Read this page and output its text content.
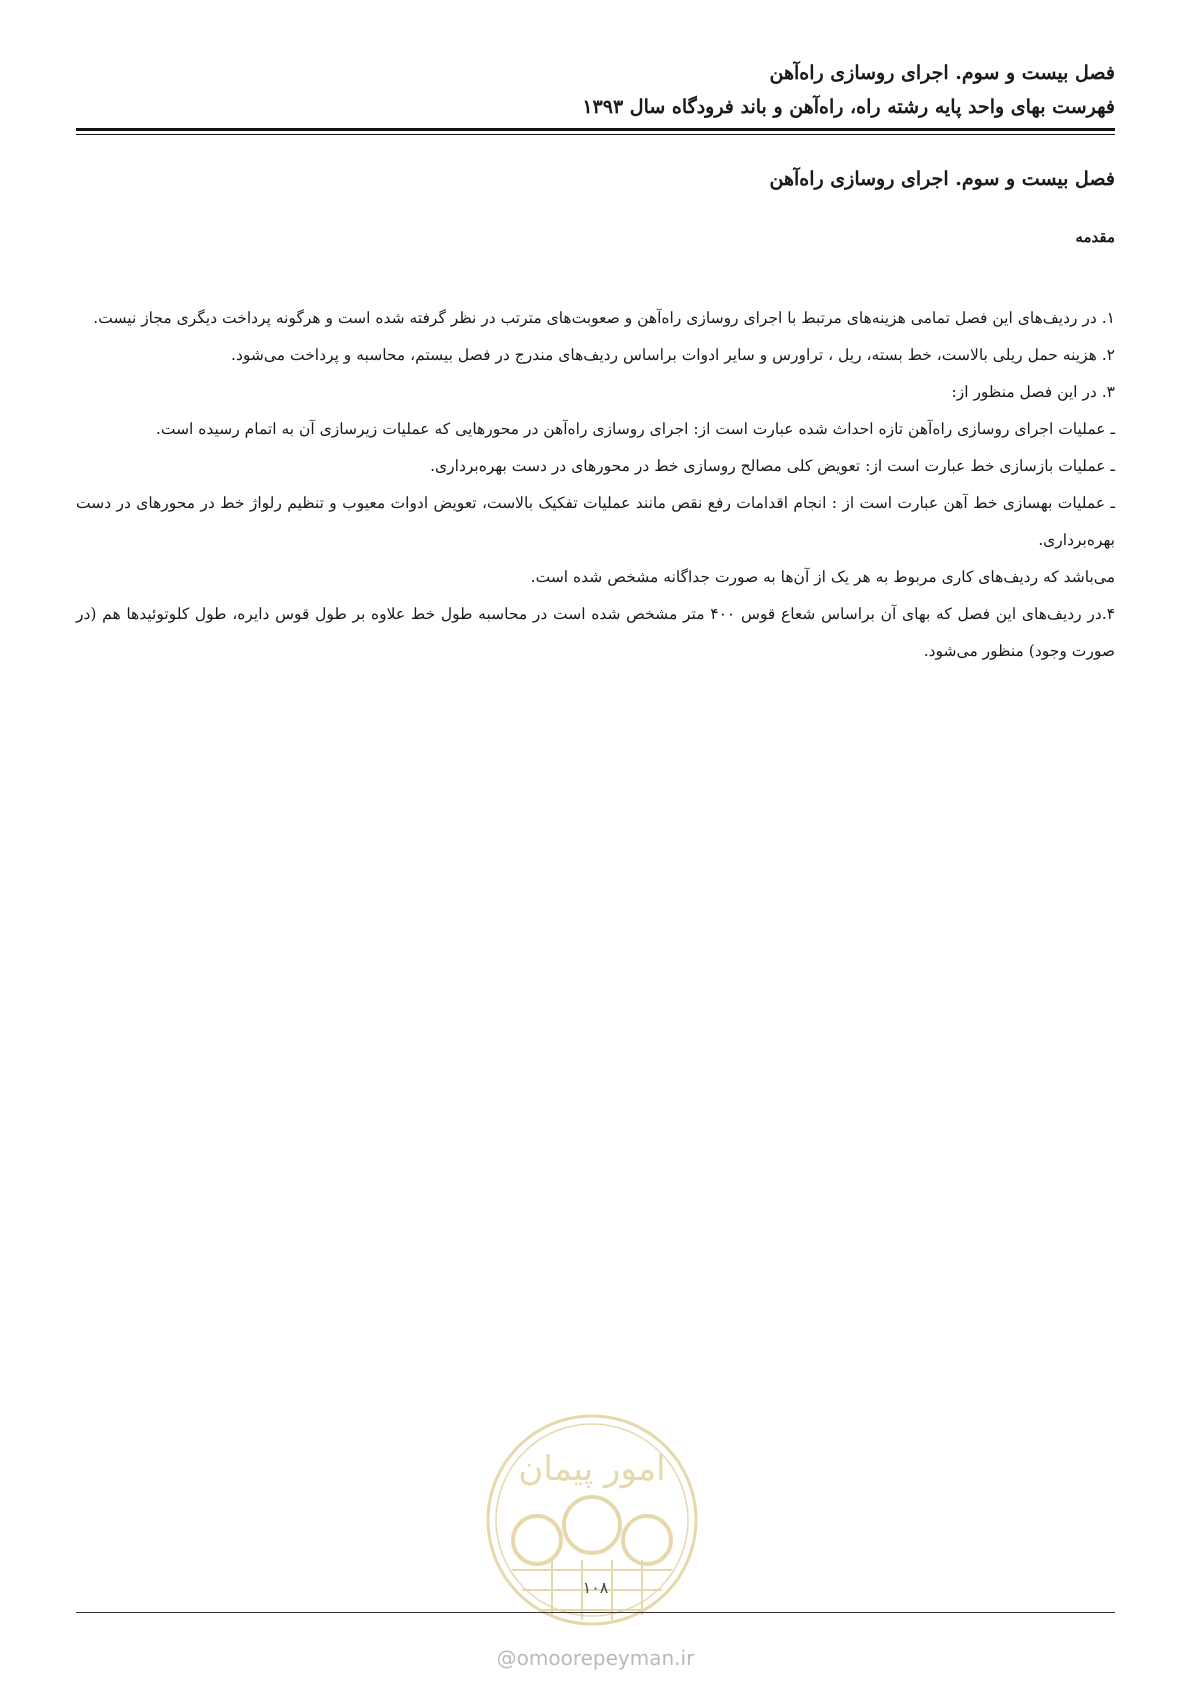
فصل بیست و سوم. اجرای روسازی راه‌آهن
فهرست بهای واحد پایه رشته راه، راه‌آهن و باند فرودگاه سال ۱۳۹۳
فصل بیست و سوم. اجرای روسازی راه‌آهن
مقدمه

۱. در ردیف‌های این فصل تمامی هزینه‌های مرتبط با اجرای روسازی راه‌آهن و صعوبت‌های مترتب در نظر گرفته شده است و هرگونه پرداخت دیگری مجاز نیست.

۲. هزینه حمل ریلی بالاست، خط بسته، ریل ، تراورس و سایر ادوات براساس ردیف‌های مندرج در فصل بیستم، محاسبه و پرداخت می‌شود.

۳. در این فصل منظور از:

ـ عملیات اجرای روسازی راه‌آهن تازه احداث شده عبارت است از: اجرای روسازی راه‌آهن در محورهایی که عملیات زیرسازی آن به اتمام رسیده است.

ـ عملیات بازسازی خط عبارت است از: تعویض کلی مصالح روسازی خط در محورهای در دست بهره‌برداری.

ـ عملیات بهسازی خط آهن عبارت است از : انجام اقدامات رفع نقص مانند عملیات تفکیک بالاست، تعویض ادوات معیوب و تنظیم رلواژ خط در محورهای در دست بهره‌برداری.

می‌باشد که ردیف‌های کاری مربوط به هر یک از آن‌ها به صورت جداگانه مشخص شده است.

۴.در ردیف‌های این فصل که بهای آن براساس شعاع قوس ۴۰۰ متر مشخص شده است در محاسبه طول خط علاوه بر طول قوس دایره، طول کلوتوئیدها هم (در صورت وجود) منظور می‌شود.

امور پیمان
۱۰۸
@omoorepeyman.ir
